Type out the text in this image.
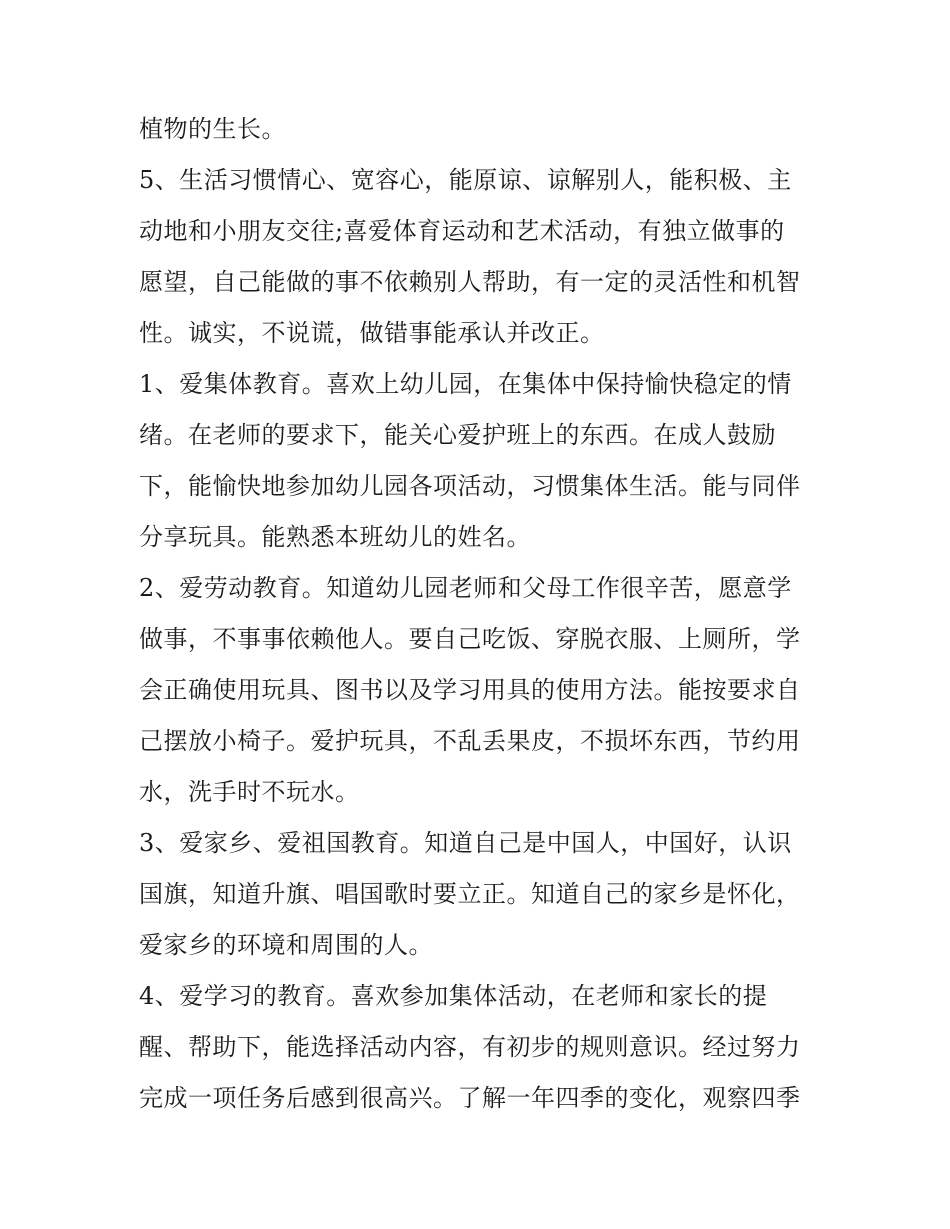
植物的生长。
5、生活习惯情心、宽容心，能原谅、谅解别人，能积极、主
动地和小朋友交往;喜爱体育运动和艺术活动，有独立做事的
愿望，自己能做的事不依赖别人帮助，有一定的灵活性和机智
性。诚实，不说谎，做错事能承认并改正。
1、爱集体教育。喜欢上幼儿园，在集体中保持愉快稳定的情
绪。在老师的要求下，能关心爱护班上的东西。在成人鼓励
下，能愉快地参加幼儿园各项活动，习惯集体生活。能与同伴
分享玩具。能熟悉本班幼儿的姓名。
2、爱劳动教育。知道幼儿园老师和父母工作很辛苦，愿意学
做事，不事事依赖他人。要自己吃饭、穿脱衣服、上厕所，学
会正确使用玩具、图书以及学习用具的使用方法。能按要求自
己摆放小椅子。爱护玩具，不乱丢果皮，不损坏东西，节约用
水，洗手时不玩水。
3、爱家乡、爱祖国教育。知道自己是中国人，中国好，认识
国旗，知道升旗、唱国歌时要立正。知道自己的家乡是怀化，
爱家乡的环境和周围的人。
4、爱学习的教育。喜欢参加集体活动，在老师和家长的提
醒、帮助下，能选择活动内容，有初步的规则意识。经过努力
完成一项任务后感到很高兴。了解一年四季的变化，观察四季
